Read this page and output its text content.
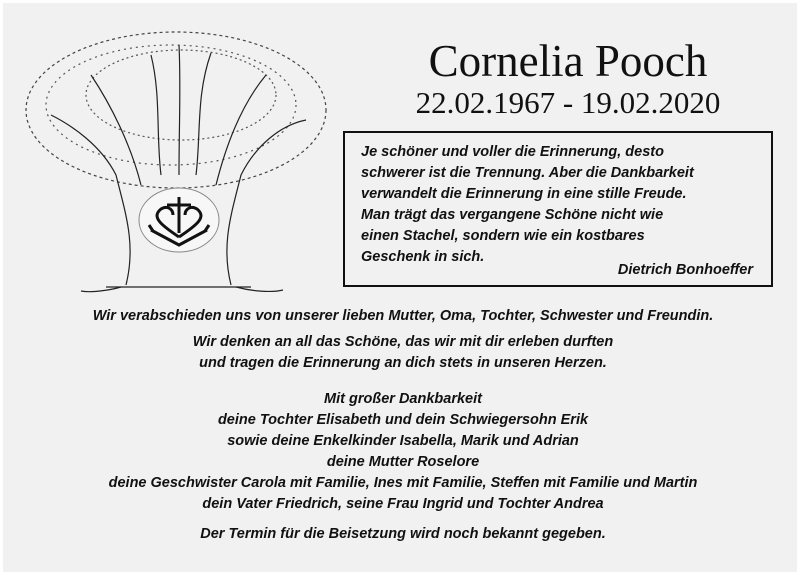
Cornelia Pooch
22.02.1967 - 19.02.2020
Je schöner und voller die Erinnerung, desto
schwerer ist die Trennung. Aber die Dankbarkeit
verwandelt die Erinnerung in eine stille Freude.
Man trägt das vergangene Schöne nicht wie
einen Stachel, sondern wie ein kostbares
Geschenk in sich.
Dietrich Bonhoeffer
Wir verabschieden uns von unserer lieben Mutter, Oma, Tochter, Schwester und Freundin.
Wir denken an all das Schöne, das wir mit dir erleben durften
und tragen die Erinnerung an dich stets in unseren Herzen.
Mit großer Dankbarkeit
deine Tochter Elisabeth und dein Schwiegersohn Erik
sowie deine Enkelkinder Isabella, Marik und Adrian
deine Mutter Roselore
deine Geschwister Carola mit Familie, Ines mit Familie, Steffen mit Familie und Martin
dein Vater Friedrich, seine Frau Ingrid und Tochter Andrea
Der Termin für die Beisetzung wird noch bekannt gegeben.
